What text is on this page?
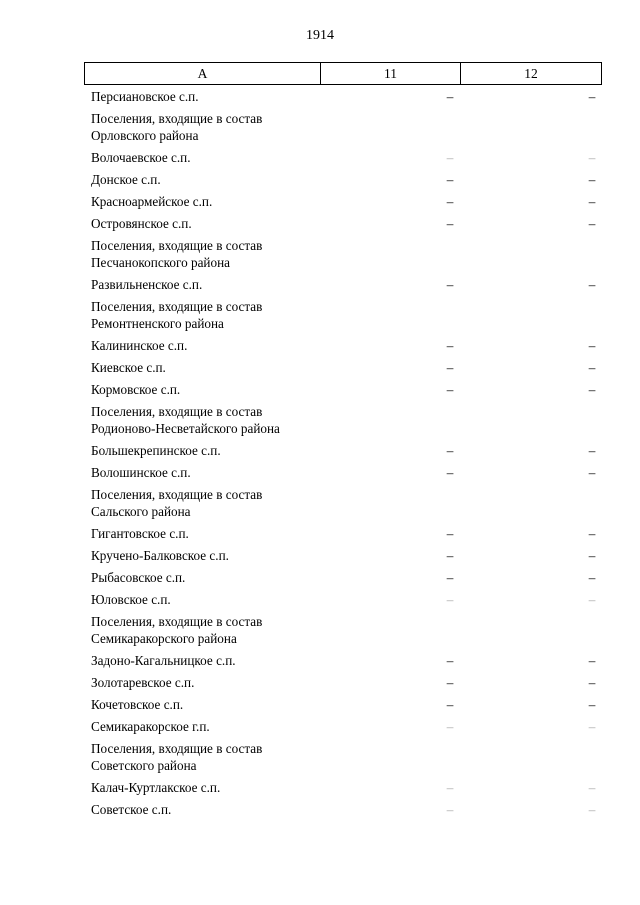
1914
А	11	12
Персиановское с.п.	–	–
Поселения, входящие в состав Орловского района
Волочаевское с.п.	–	–
Донское с.п.	–	–
Красноармейское с.п.	–	–
Островянское с.п.	–	–
Поселения, входящие в состав Песчанокопского района
Развильненское с.п.	–	–
Поселения, входящие в состав Ремонтненского района
Калининское с.п.	–	–
Киевское с.п.	–	–
Кормовское с.п.	–	–
Поселения, входящие в состав Родионово-Несветайского района
Большекрепинское с.п.	–	–
Волошинское с.п.	–	–
Поселения, входящие в состав Сальского района
Гигантовское с.п.	–	–
Кручено-Балковское с.п.	–	–
Рыбасовское с.п.	–	–
Юловское с.п.	–	–
Поселения, входящие в состав Семикаракорского района
Задоно-Кагальницкое с.п.	–	–
Золотаревское с.п.	–	–
Кочетовское с.п.	–	–
Семикаракорское г.п.	–	–
Поселения, входящие в состав Советского района
Калач-Куртлакское с.п.	–	–
Советское с.п.	–	–
